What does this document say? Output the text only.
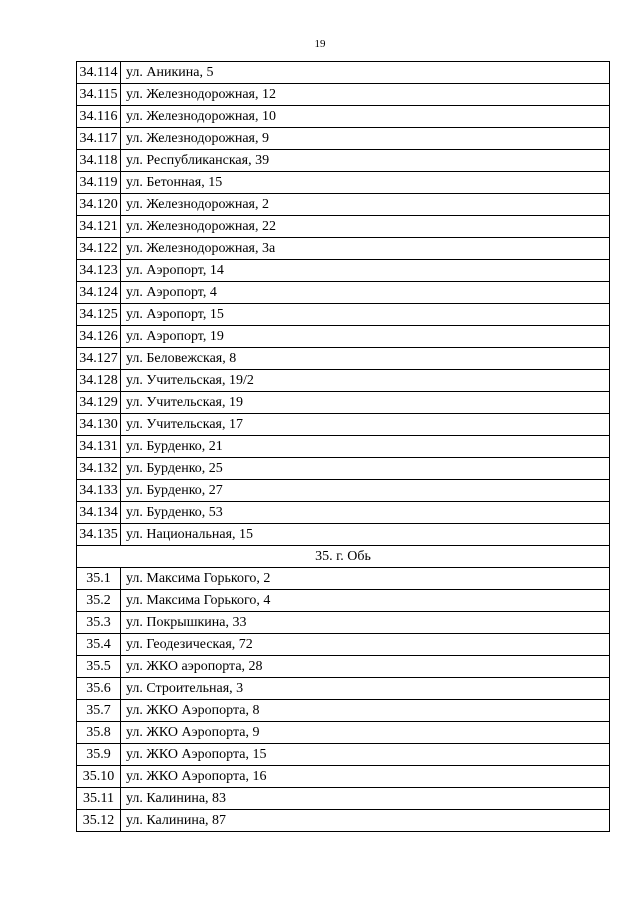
19
34.114	ул. Аникина, 5
34.115	ул. Железнодорожная, 12
34.116	ул. Железнодорожная, 10
34.117	ул. Железнодорожная, 9
34.118	ул. Республиканская, 39
34.119	ул. Бетонная, 15
34.120	ул. Железнодорожная, 2
34.121	ул. Железнодорожная, 22
34.122	ул. Железнодорожная, 3а
34.123	ул. Аэропорт, 14
34.124	ул. Аэропорт, 4
34.125	ул. Аэропорт, 15
34.126	ул. Аэропорт, 19
34.127	ул. Беловежская, 8
34.128	ул. Учительская, 19/2
34.129	ул. Учительская, 19
34.130	ул. Учительская, 17
34.131	ул. Бурденко, 21
34.132	ул. Бурденко, 25
34.133	ул. Бурденко, 27
34.134	ул. Бурденко, 53
34.135	ул. Национальная, 15
35. г. Обь	
35.1	ул. Максима Горького, 2
35.2	ул. Максима Горького, 4
35.3	ул. Покрышкина, 33
35.4	ул. Геодезическая, 72
35.5	ул. ЖКО аэропорта, 28
35.6	ул. Строительная, 3
35.7	ул. ЖКО Аэропорта, 8
35.8	ул. ЖКО Аэропорта, 9
35.9	ул. ЖКО Аэропорта, 15
35.10	ул. ЖКО Аэропорта, 16
35.11	ул. Калинина, 83
35.12	ул. Калинина, 87
